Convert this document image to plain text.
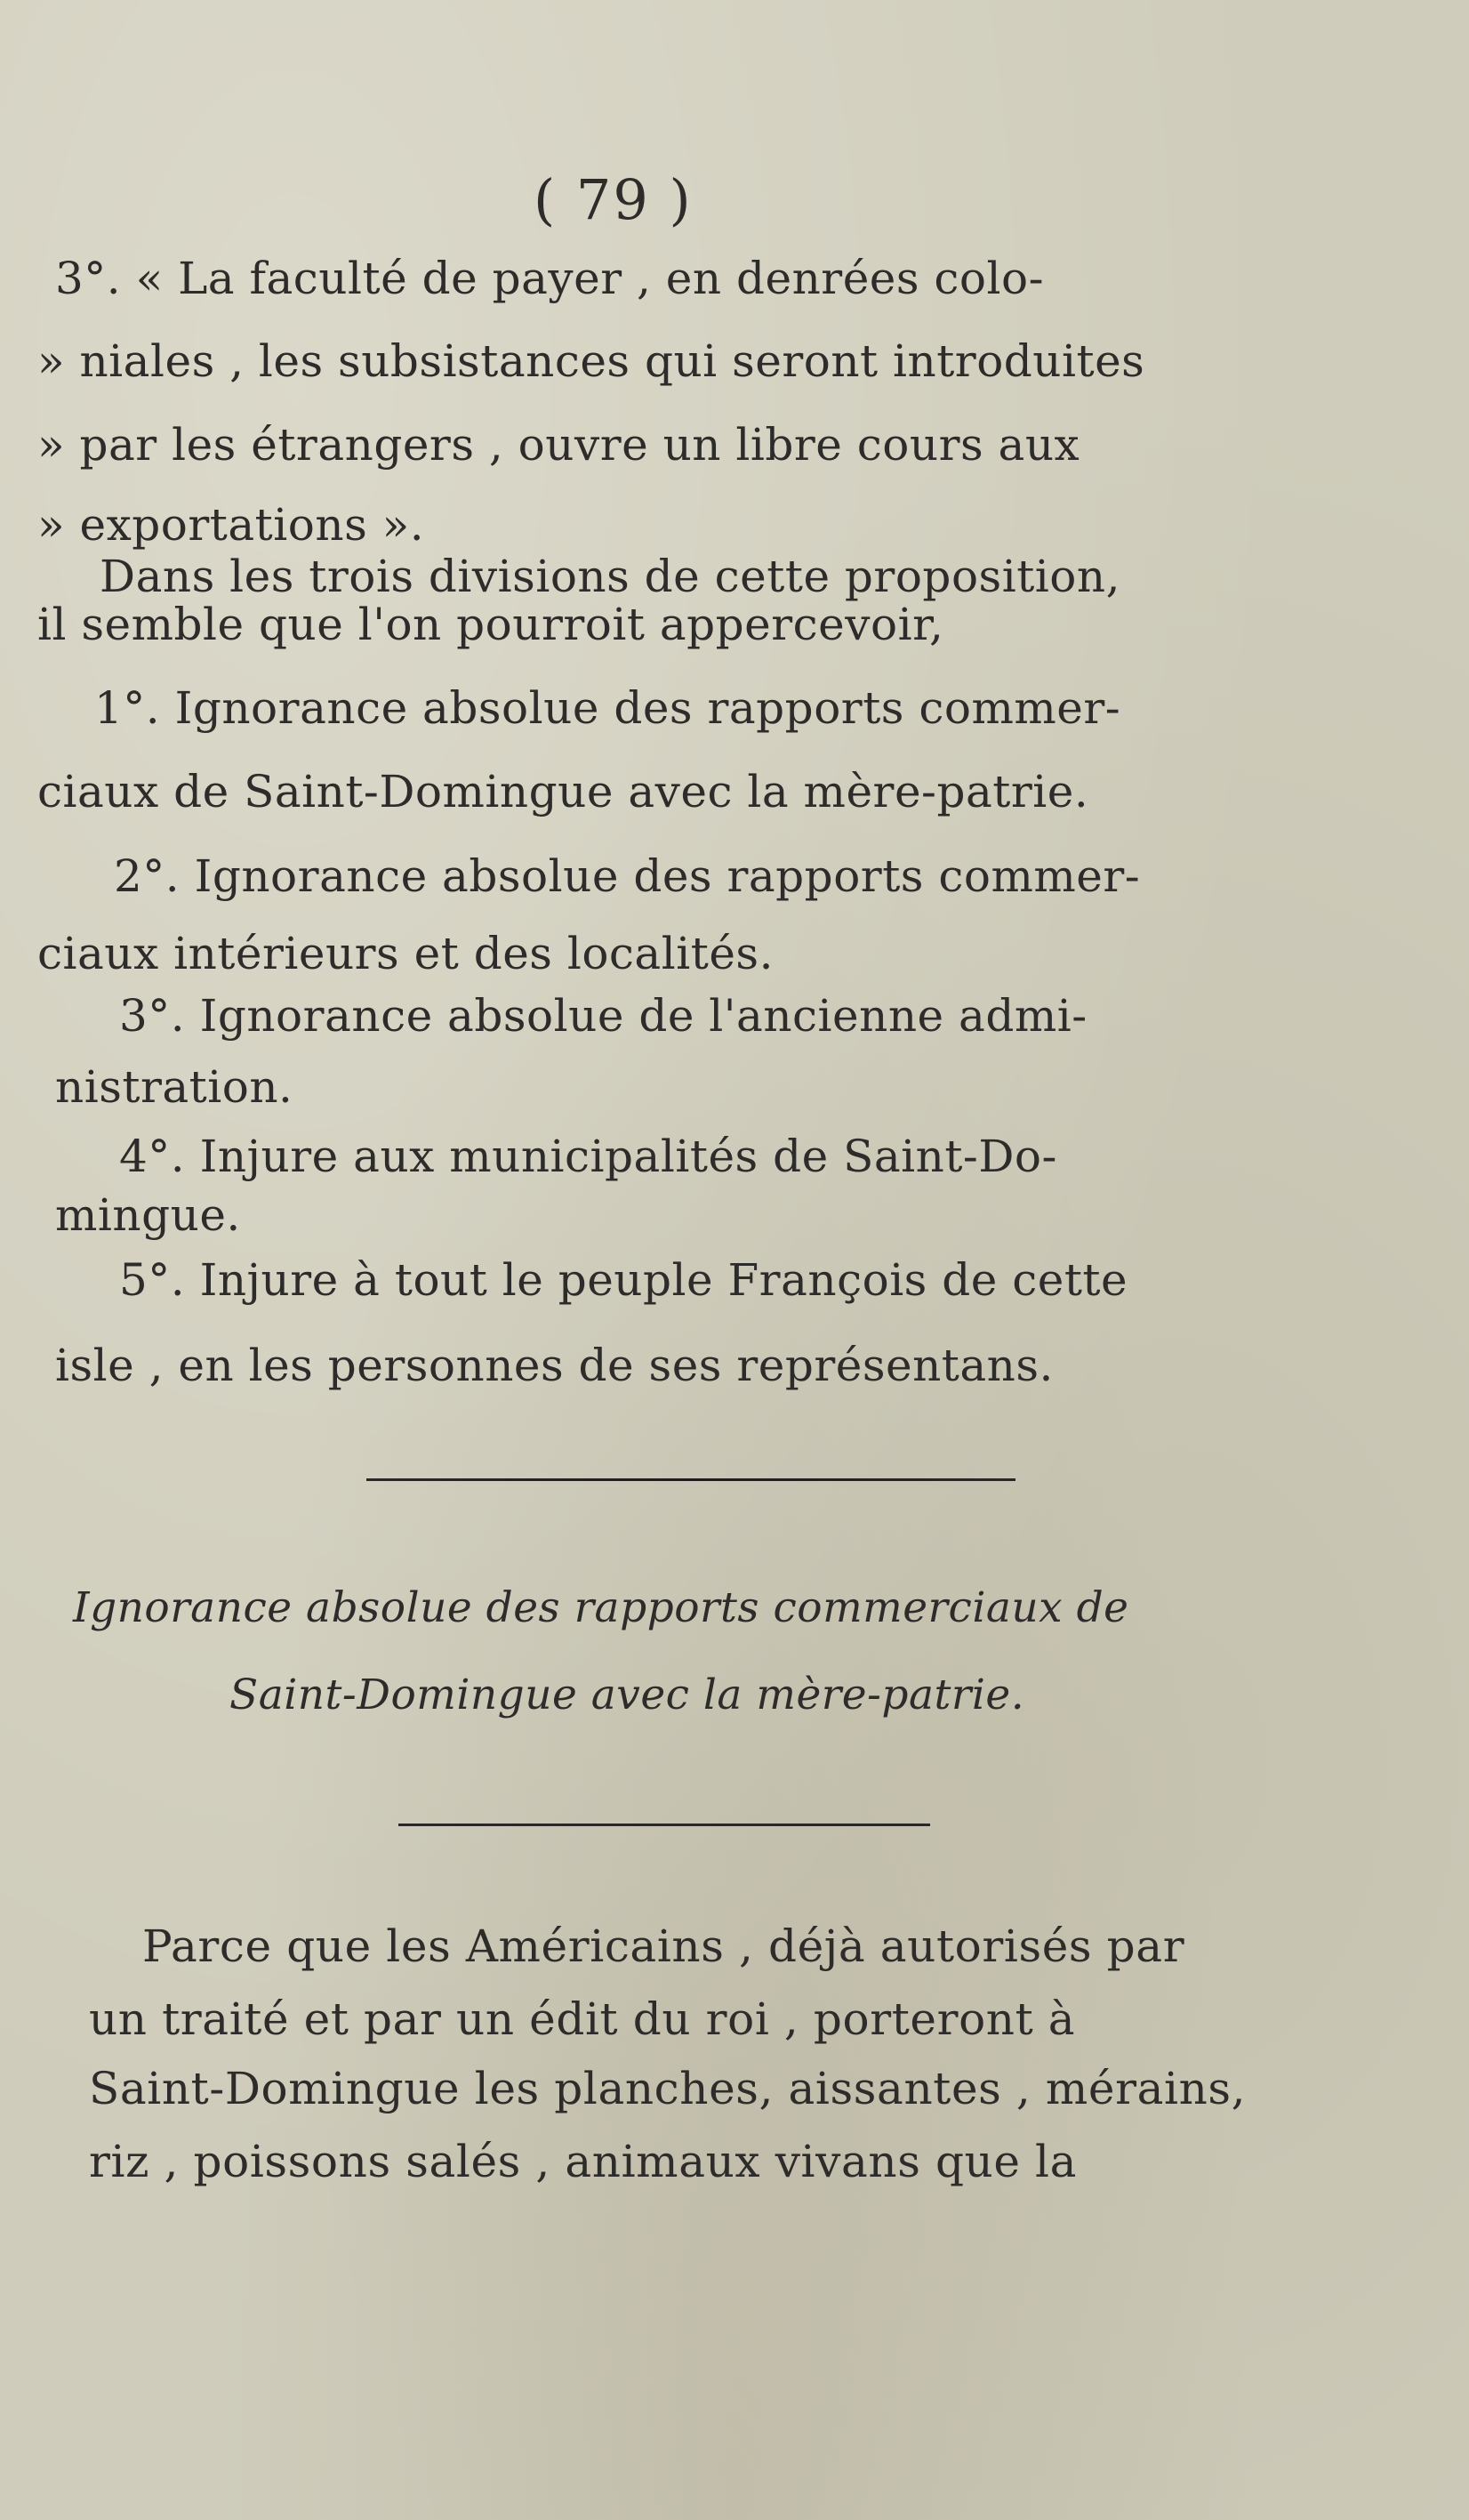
( 79 )
3°. « La faculté de payer , en denrées colo-
» niales , les subsistances qui seront introduites
» par les étrangers , ouvre un libre cours aux
» exportations ».
Dans les trois divisions de cette proposition,
il semble que l'on pourroit appercevoir,
1°. Ignorance absolue des rapports commer-
ciaux de Saint-Domingue avec la mère-patrie.
2°. Ignorance absolue des rapports commer-
ciaux intérieurs et des localités.
3°. Ignorance absolue de l'ancienne admi-
nistration.
4°. Injure aux municipalités de Saint-Do-
mingue.
5°. Injure à tout le peuple François de cette
isle , en les personnes de ses représentans.
Ignorance absolue des rapports commerciaux de
Saint-Domingue avec la mère-patrie.
Parce que les Américains , déjà autorisés par
un traité et par un édit du roi , porteront à
Saint-Domingue les planches, aissantes , mérains,
riz , poissons salés , animaux vivans que la
